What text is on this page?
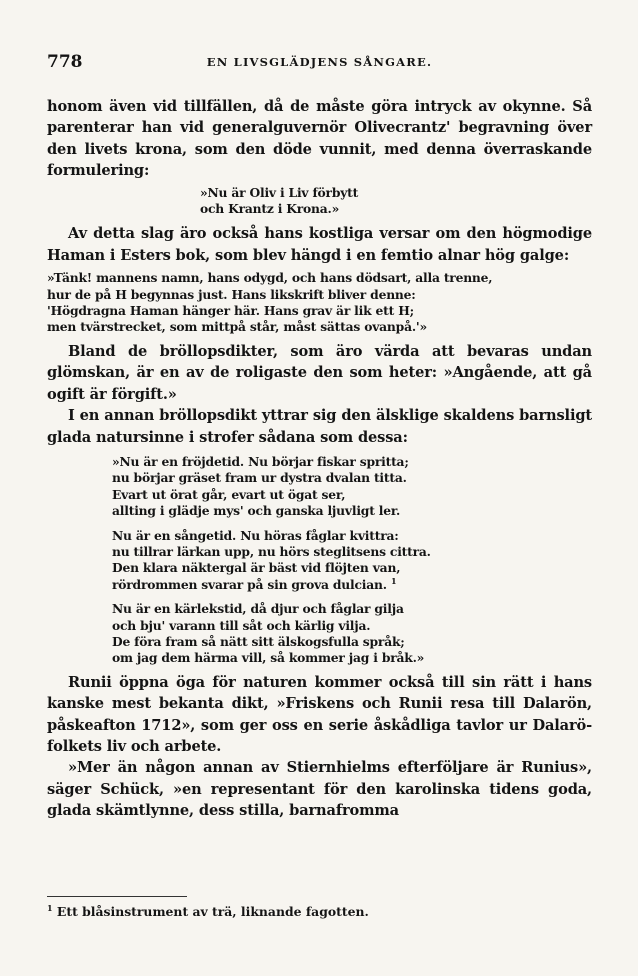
778	EN LIVSGLÄDJENS SÅNGARE.

honom även vid tillfällen, då de måste göra intryck av okynne. Så parenterar han vid generalguvernör Olivecrantz' begravning över den livets krona, som den döde vunnit, med denna överraskande formulering:

»Nu är Oliv i Liv förbytt
och Krantz i Krona.»

Av detta slag äro också hans kostliga versar om den högmodige Haman i Esters bok, som blev hängd i en femtio alnar hög galge:

»Tänk! mannens namn, hans odygd, och hans dödsart, alla trenne,
hur de på H begynnas just. Hans likskrift bliver denne:
'Högdragna Haman hänger här. Hans grav är lik ett H;
men tvärstrecket, som mittpå står, måst sättas ovanpå.'»

Bland de bröllopsdikter, som äro värda att bevaras undan glömskan, är en av de roligaste den som heter: »Angående, att gå ogift är förgift.»

I en annan bröllopsdikt yttrar sig den älsklige skaldens barnsligt glada natursinne i strofer sådana som dessa:

»Nu är en fröjdetid. Nu börjar fiskar spritta;
nu börjar gräset fram ur dystra dvalan titta.
Evart ut örat går, evart ut ögat ser,
allting i glädje mys' och ganska ljuvligt ler.
Nu är en sångetid. Nu höras fåglar kvittra:
nu tillrar lärkan upp, nu hörs steglitsens cittra.
Den klara näktergal är bäst vid flöjten van,
rördrommen svarar på sin grova dulcian. $^1$
Nu är en kärlekstid, då djur och fåglar gilja
och bju' varann till såt och kärlig vilja.
De föra fram så nätt sitt älskogsfulla språk;
om jag dem härma vill, så kommer jag i bråk.»

Runii öppna öga för naturen kommer också till sin rätt i hans kanske mest bekanta dikt, »Friskens och Runii resa till Dalarön, påskeafton 1712», som ger oss en serie åskådliga tavlor ur Dalarö-folkets liv och arbete.

»Mer än någon annan av Stiernhielms efterföljare är Runius», säger Schück, »en representant för den karolinska tidens goda, glada skämtlynne, dess stilla, barnafromma

$^1$ Ett blåsinstrument av trä, liknande fagotten.
